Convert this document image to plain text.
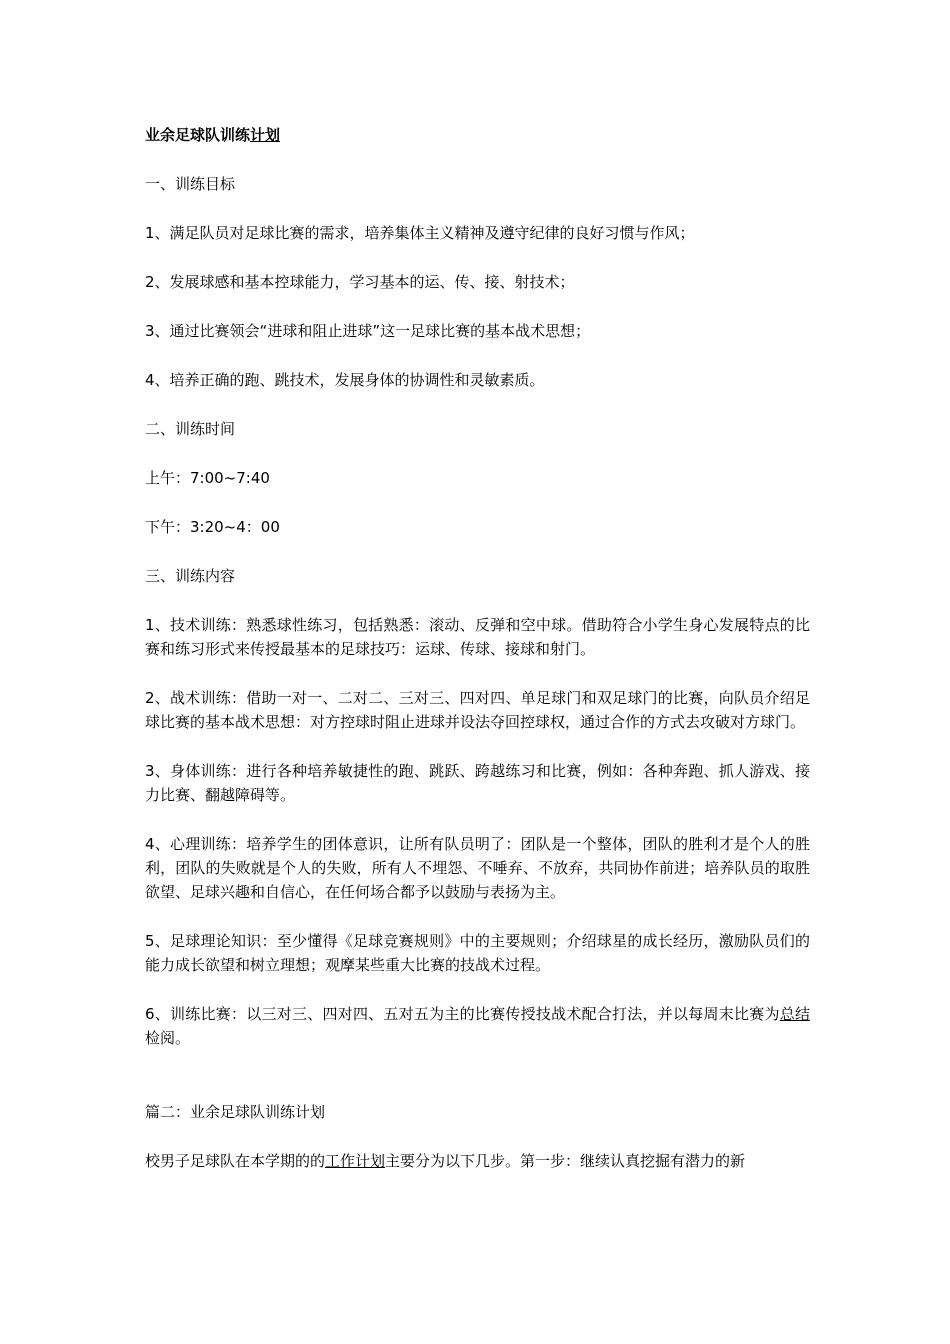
业余足球队训练计划

一、训练目标

1、满足队员对足球比赛的需求，培养集体主义精神及遵守纪律的良好习惯与作风；

2、发展球感和基本控球能力，学习基本的运、传、接、射技术；

3、通过比赛领会“进球和阻止进球”这一足球比赛的基本战术思想；

4、培养正确的跑、跳技术，发展身体的协调性和灵敏素质。

二、训练时间

上午：7:00~7:40

下午：3:20~4：00

三、训练内容

1、技术训练：熟悉球性练习，包括熟悉：滚动、反弹和空中球。借助符合小学生身心发展特点的比赛和练习形式来传授最基本的足球技巧：运球、传球、接球和射门。

2、战术训练：借助一对一、二对二、三对三、四对四、单足球门和双足球门的比赛，向队员介绍足球比赛的基本战术思想：对方控球时阻止进球并设法夺回控球权，通过合作的方式去攻破对方球门。

3、身体训练：进行各种培养敏捷性的跑、跳跃、跨越练习和比赛，例如：各种奔跑、抓人游戏、接力比赛、翻越障碍等。

4、心理训练：培养学生的团体意识，让所有队员明了：团队是一个整体，团队的胜利才是个人的胜利，团队的失败就是个人的失败，所有人不埋怨、不唾弃、不放弃，共同协作前进；培养队员的取胜欲望、足球兴趣和自信心，在任何场合都予以鼓励与表扬为主。

5、足球理论知识：至少懂得《足球竞赛规则》中的主要规则；介绍球星的成长经历，激励队员们的能力成长欲望和树立理想；观摩某些重大比赛的技战术过程。

6、训练比赛：以三对三、四对四、五对五为主的比赛传授技战术配合打法，并以每周末比赛为总结检阅。

篇二：业余足球队训练计划

校男子足球队在本学期的的工作计划主要分为以下几步。第一步：继续认真挖掘有潜力的新
